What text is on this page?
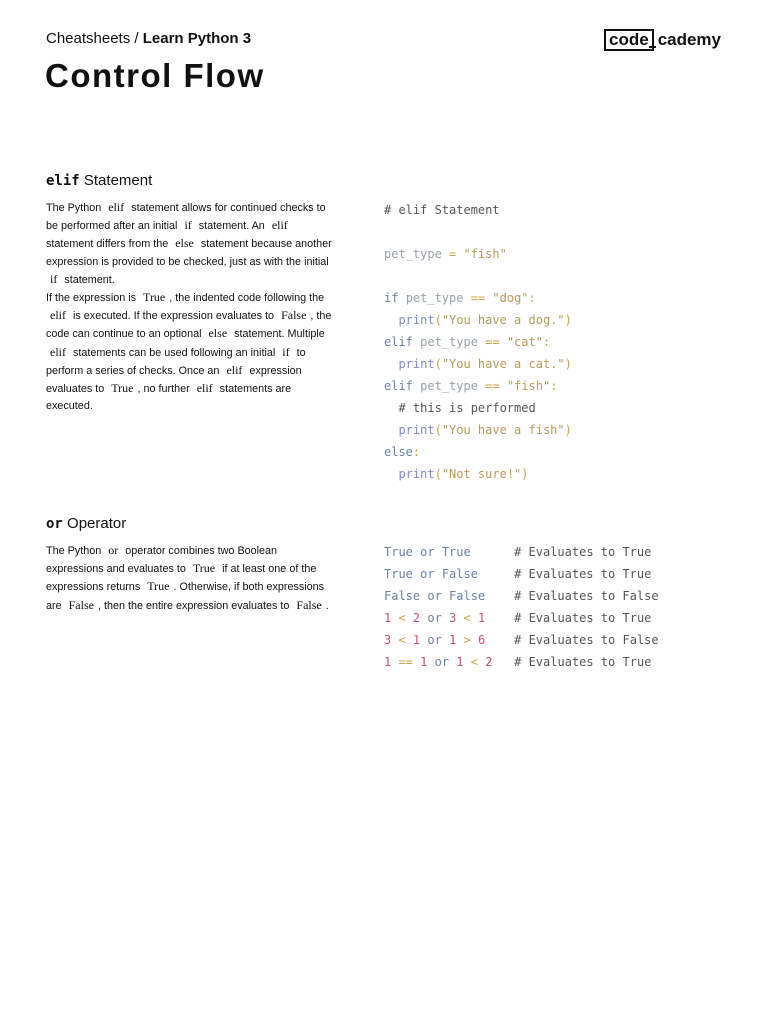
Cheatsheets / Learn Python 3
Control Flow
code cademy
elif Statement
The Python elif statement allows for continued checks to be performed after an initial if statement. An elif statement differs from the else statement because another expression is provided to be checked, just as with the initial if statement.
If the expression is True , the indented code following the elif is executed. If the expression evaluates to False , the code can continue to an optional else statement. Multiple elif statements can be used following an initial if to perform a series of checks. Once an elif expression evaluates to True , no further elif statements are executed.
# elif Statement
pet_type = "fish"
if pet_type == "dog":
print("You have a dog.")
elif pet_type == "cat":
print("You have a cat.")
elif pet_type == "fish":
# this is performed
print("You have a fish")
else:
print("Not sure!")
or Operator
The Python or operator combines two Boolean expressions and evaluates to True if at least one of the expressions returns True . Otherwise, if both expressions are False , then the entire expression evaluates to False .
True or True	# Evaluates to True
True or False	# Evaluates to True
False or False # Evaluates to False
1 < 2 or 3 < 1 # Evaluates to True
3 < 1 or 1 > 6 # Evaluates to False
1 == 1 or 1 < 2 # Evaluates to True
